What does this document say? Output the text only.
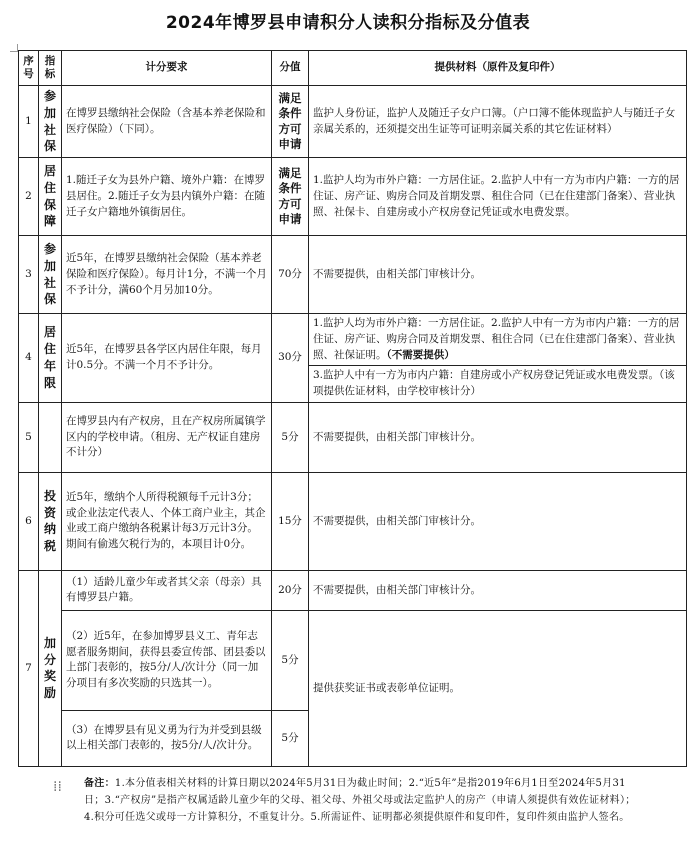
2024年博罗县申请积分人读积分指标及分值表
序号	指标	计分要求	分值	提供材料（原件及复印件）
1	参加社保	在博罗县缴纳社会保险（含基本养老保险和医疗保险）（下同）。	满足条件方可申请	监护人身份证，监护人及随迁子女户口簿。（户口簿不能体现监护人与随迁子女亲属关系的，还须提交出生证等可证明亲属关系的其它佐证材料）
2	居住保障	1.随迁子女为县外户籍、境外户籍：在博罗县居住。2.随迁子女为县内镇外户籍：在随迁子女户籍地外镇街居住。	满足条件方可申请	1.监护人均为市外户籍：一方居住证。2.监护人中有一方为市内户籍：一方的居住证、房产证、购房合同及首期发票、租住合同（已在住建部门备案）、营业执照、社保卡、自建房或小产权房登记凭证或水电费发票。
3	参加社保	近5年，在博罗县缴纳社会保险（基本养老保险和医疗保险）。每月计1分，不满一个月不予计分，满60个月另加10分。	70分	不需要提供，由相关部门审核计分。
4	居住年限	近5年，在博罗县各学区内居住年限，每月计0.5分。不满一个月不予计分。	30分	1.监护人均为市外户籍：一方居住证。2.监护人中有一方为市内户籍：一方的居住证、房产证、购房合同及首期发票、租住合同（已在住建部门备案）、营业执照、社保证明。（不需要提供）
				3.监护人中有一方为市内户籍：自建房或小产权房登记凭证或水电费发票。（该项提供佐证材料，由学校审核计分）
5		在博罗县内有产权房，且在产权房所属镇学区内的学校申请。（租房、无产权证自建房不计分）	5分	不需要提供，由相关部门审核计分。
6	投资纳税	近5年，缴纳个人所得税额每千元计3分；或企业法定代表人、个体工商户业主，其企业或工商户缴纳各税累计每3万元计3分。期间有偷逃欠税行为的，本项目计0分。	15分	不需要提供，由相关部门审核计分。
7	加分奖励	（1）适龄儿童少年或者其父亲（母亲）具有博罗县户籍。	20分	不需要提供，由相关部门审核计分。
		（2）近5年，在参加博罗县义工、青年志愿者服务期间，获得县委宣传部、团县委以上部门表彰的，按5分/人/次计分（同一加分项目有多次奖励的只选其一）。	5分	提供获奖证书或表彰单位证明。
		（3）在博罗县有见义勇为行为并受到县级以上相关部门表彰的，按5分/人/次计分。	5分	
⁞⁞ 备注：1.本分值表相关材料的计算日期以2024年5月31日为截止时间；2.“近5年”是指2019年6月1日至2024年5月31日；3.“产权房”是指产权属适龄儿童少年的父母、祖父母、外祖父母或法定监护人的房产（申请人须提供有效佐证材料）；4.积分可任选父或母一方计算积分，不重复计分。5.所需证件、证明都必须提供原件和复印件，复印件须由监护人签名。
